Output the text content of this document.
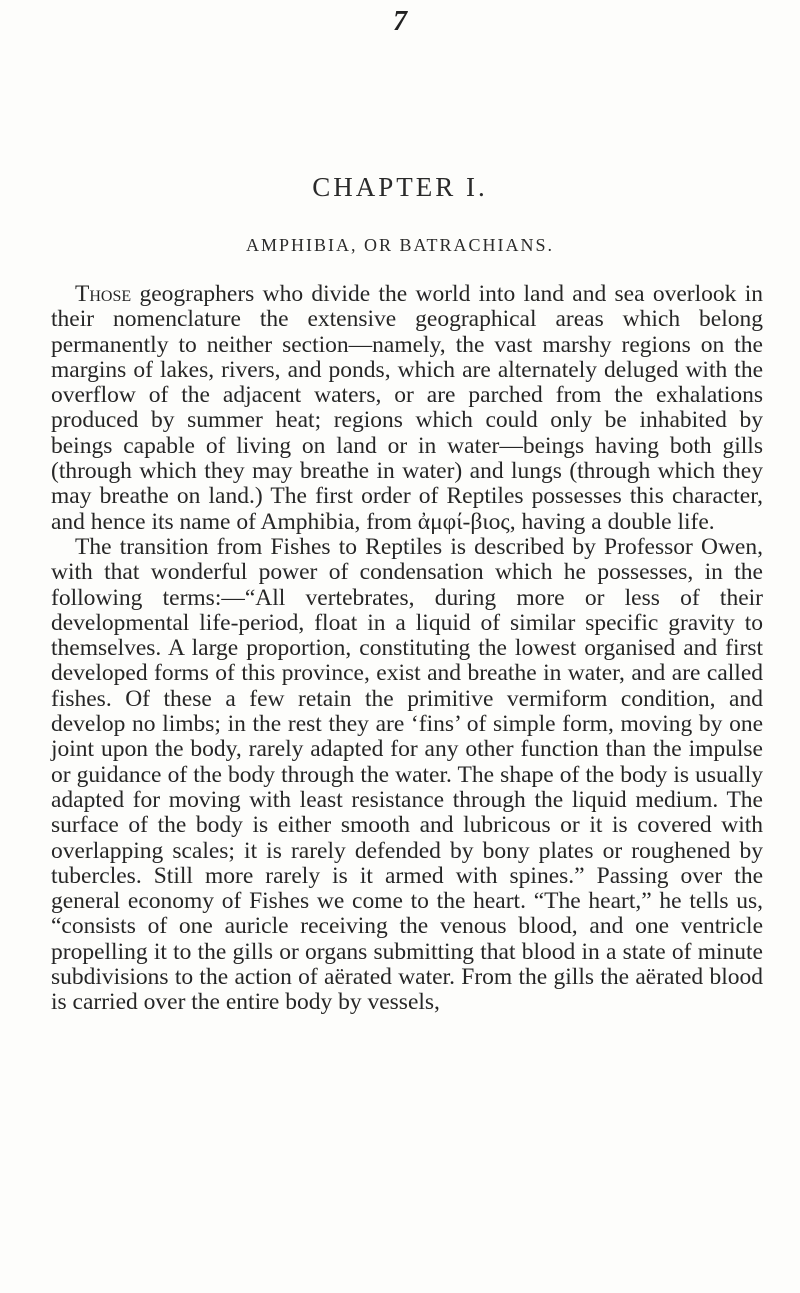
7
CHAPTER I.
AMPHIBIA, OR BATRACHIANS.

Those geographers who divide the world into land and sea overlook in their nomenclature the extensive geographical areas which belong permanently to neither section—namely, the vast marshy regions on the margins of lakes, rivers, and ponds, which are alternately deluged with the overflow of the adjacent waters, or are parched from the exhalations produced by summer heat; regions which could only be inhabited by beings capable of living on land or in water—beings having both gills (through which they may breathe in water) and lungs (through which they may breathe on land.) The first order of Reptiles possesses this character, and hence its name of Amphibia, from ἀμφί-βιος, having a double life.

The transition from Fishes to Reptiles is described by Professor Owen, with that wonderful power of condensation which he possesses, in the following terms:—“All vertebrates, during more or less of their developmental life-period, float in a liquid of similar specific gravity to themselves. A large proportion, constituting the lowest organised and first developed forms of this province, exist and breathe in water, and are called fishes. Of these a few retain the primitive vermiform condition, and develop no limbs; in the rest they are ‘fins’ of simple form, moving by one joint upon the body, rarely adapted for any other function than the impulse or guidance of the body through the water. The shape of the body is usually adapted for moving with least resistance through the liquid medium. The surface of the body is either smooth and lubricous or it is covered with overlapping scales; it is rarely defended by bony plates or roughened by tubercles. Still more rarely is it armed with spines.” Passing over the general economy of Fishes we come to the heart. “The heart,” he tells us, “consists of one auricle receiving the venous blood, and one ventricle propelling it to the gills or organs submitting that blood in a state of minute subdivisions to the action of aërated water. From the gills the aërated blood is carried over the entire body by vessels,
